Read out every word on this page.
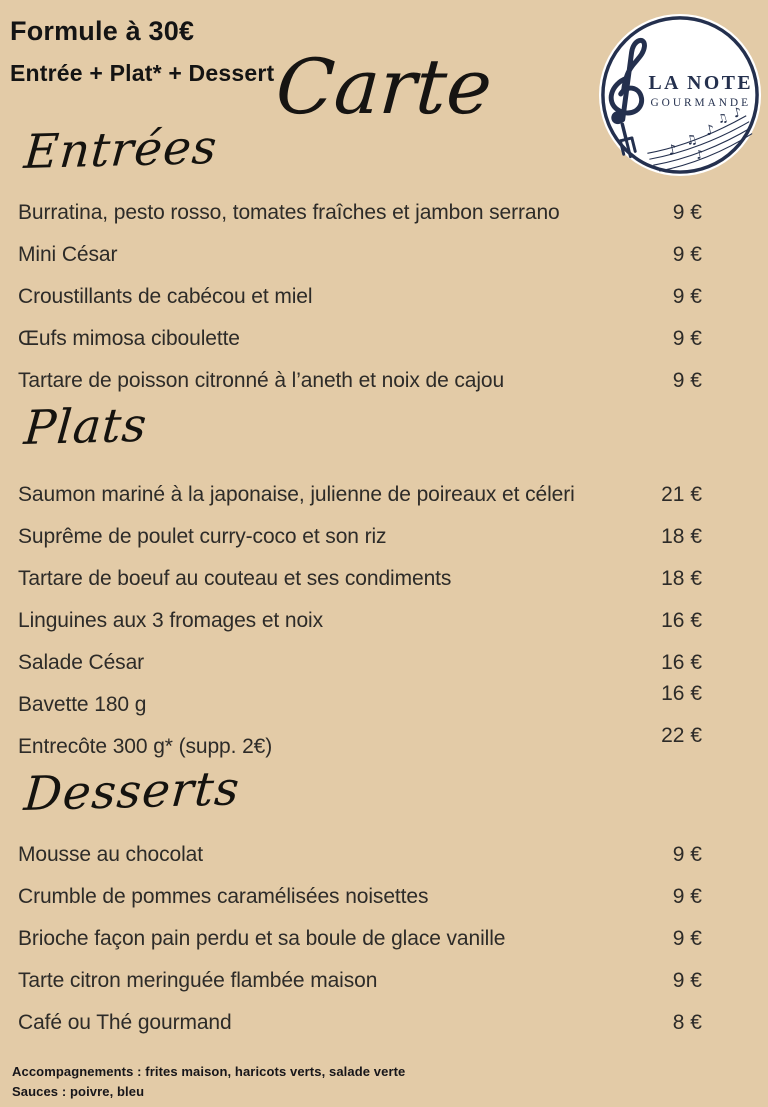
Formule à 30€
Entrée + Plat* + Dessert
Carte	LA NOTE
GOURMANDE
♪
♫
♪
♫ ♪
♪
Entrées
Burratina, pesto rosso, tomates fraîches et jambon serrano	9 €
Mini César	9 €
Croustillants de cabécou et miel	9 €
Œufs mimosa ciboulette	9 €
Tartare de poisson citronné à l’aneth et noix de cajou	9 €
Plats
Saumon mariné à la japonaise, julienne de poireaux et céleri	21 €
Suprême de poulet curry-coco et son riz	18 €
Tartare de boeuf au couteau et ses condiments	18 €
Linguines aux 3 fromages et noix	16 €
Salade César	16 €
Bavette 180 g	16 €
Entrecôte 300 g* (supp. 2€)	22 €
Desserts
Mousse au chocolat	9 €
Crumble de pommes caramélisées noisettes	9 €
Brioche façon pain perdu et sa boule de glace vanille	9 €
Tarte citron meringuée flambée maison	9 €
Café ou Thé gourmand	8 €
Accompagnements : frites maison, haricots verts, salade verte
Sauces : poivre, bleu
